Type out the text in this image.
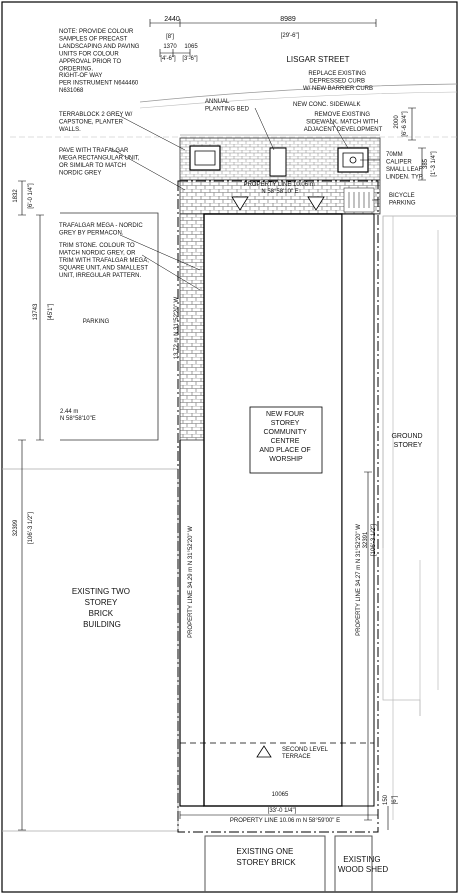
2440
[8']
8989
[29'-6"]
1370
[4'-6"]
1065
[3'-6"]	LISGAR STREET
NOTE: PROVIDE COLOUR SAMPLES OF PRECAST LANDSCAPING AND PAVING UNITS FOR COLOUR APPROVAL PRIOR TO ORDERING.
RIGHT-OF WAY PER INSTRUMENT N644460 N631068
TERRABLOCK 2 GREY W/ CAPSTONE, PLANTER WALLS.
PAVE WITH TRAFALGAR MEGA RECTANGULAR UNIT, OR SIMILAR TO MATCH NORDIC GREY
TRAFALGAR MEGA - NORDIC GREY BY PERMACON.
TRIM STONE. COLOUR TO MATCH NORDIC GREY, OR TRIM WITH TRAFALGAR MEGA, SQUARE UNIT, AND SMALLEST UNIT, IRREGULAR PATTERN.
REPLACE EXISTING DEPRESSED CURB W/ NEW BARRIER CURB
ANNUAL PLANTING BED
NEW CONC. SIDEWALK
REMOVE EXISTING SIDEWALK. MATCH WITH ADJACENT DEVELOPMENT
70MM CALIPER SMALL LEAF LINDEN. TYP.
BICYCLE PARKING
2000 [6'-6 3/4"]
385 [1'-3 1/4"]
1832 [6'-0 1/4"]
13743 [45'1"]
32399 [106'-3 1/2"]
PROPERTY LINE 10.06 m N 58°58'10" E
13.72 m N 31°52'20" W
2.44 m N 58°58'10"E
PROPERTY LINE 34.29 m N 31°52'20" W	PROPERTY LINE 34.27 m N 31°52'20" W 32391 [106'-3 1/2"]
PROPERTY LINE 10.06 m N 58°59'00" E
10065
[33'-0 1/4"]
150 [6"]
PARKING
NEW FOUR STOREY COMMUNITY CENTRE AND PLACE OF WORSHIP
GROUND STOREY
EXISTING TWO STOREY BRICK BUILDING
SECOND LEVEL TERRACE
EXISTING ONE STOREY BRICK	EXISTING WOOD SHED
